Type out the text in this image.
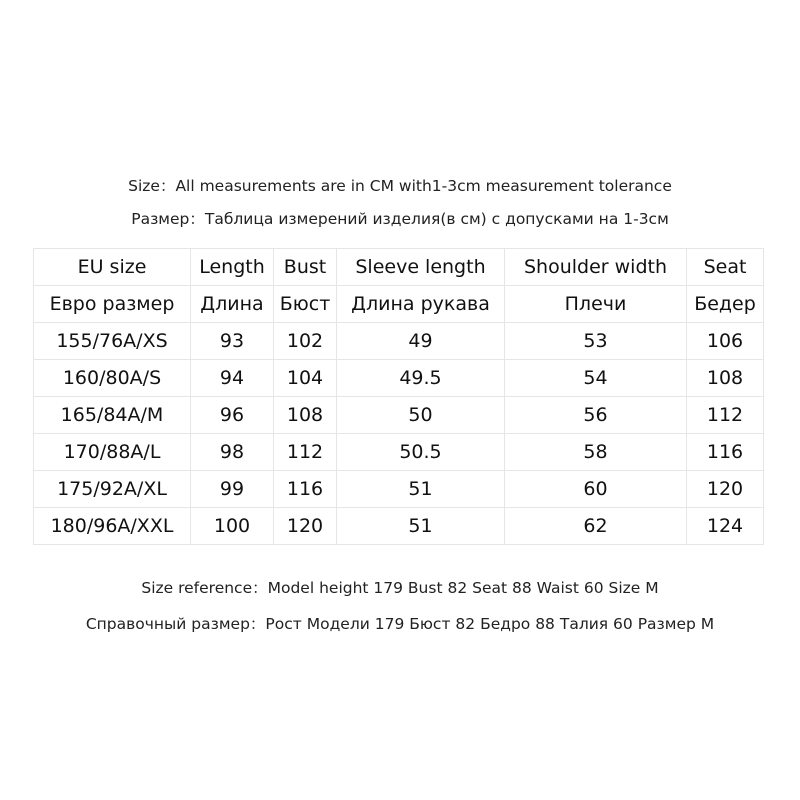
Size：All measurements are in CM with1-3cm measurement tolerance
Размер：Таблица измерений изделия(в см) с допусками на 1-3см
EU size	Length	Bust	Sleeve length	Shoulder width	Seat
Евро размер	Длина	Бюст	Длина рукава	Плечи	Бедер
155/76A/XS	93	102	49	53	106
160/80A/S	94	104	49.5	54	108
165/84A/M	96	108	50	56	112
170/88A/L	98	112	50.5	58	116
175/92A/XL	99	116	51	60	120
180/96A/XXL	100	120	51	62	124
Size reference：Model height 179 Bust 82 Seat 88 Waist 60 Size M
Справочный размер：Рост Модели 179 Бюст 82 Бедро 88 Талия 60 Размер M
